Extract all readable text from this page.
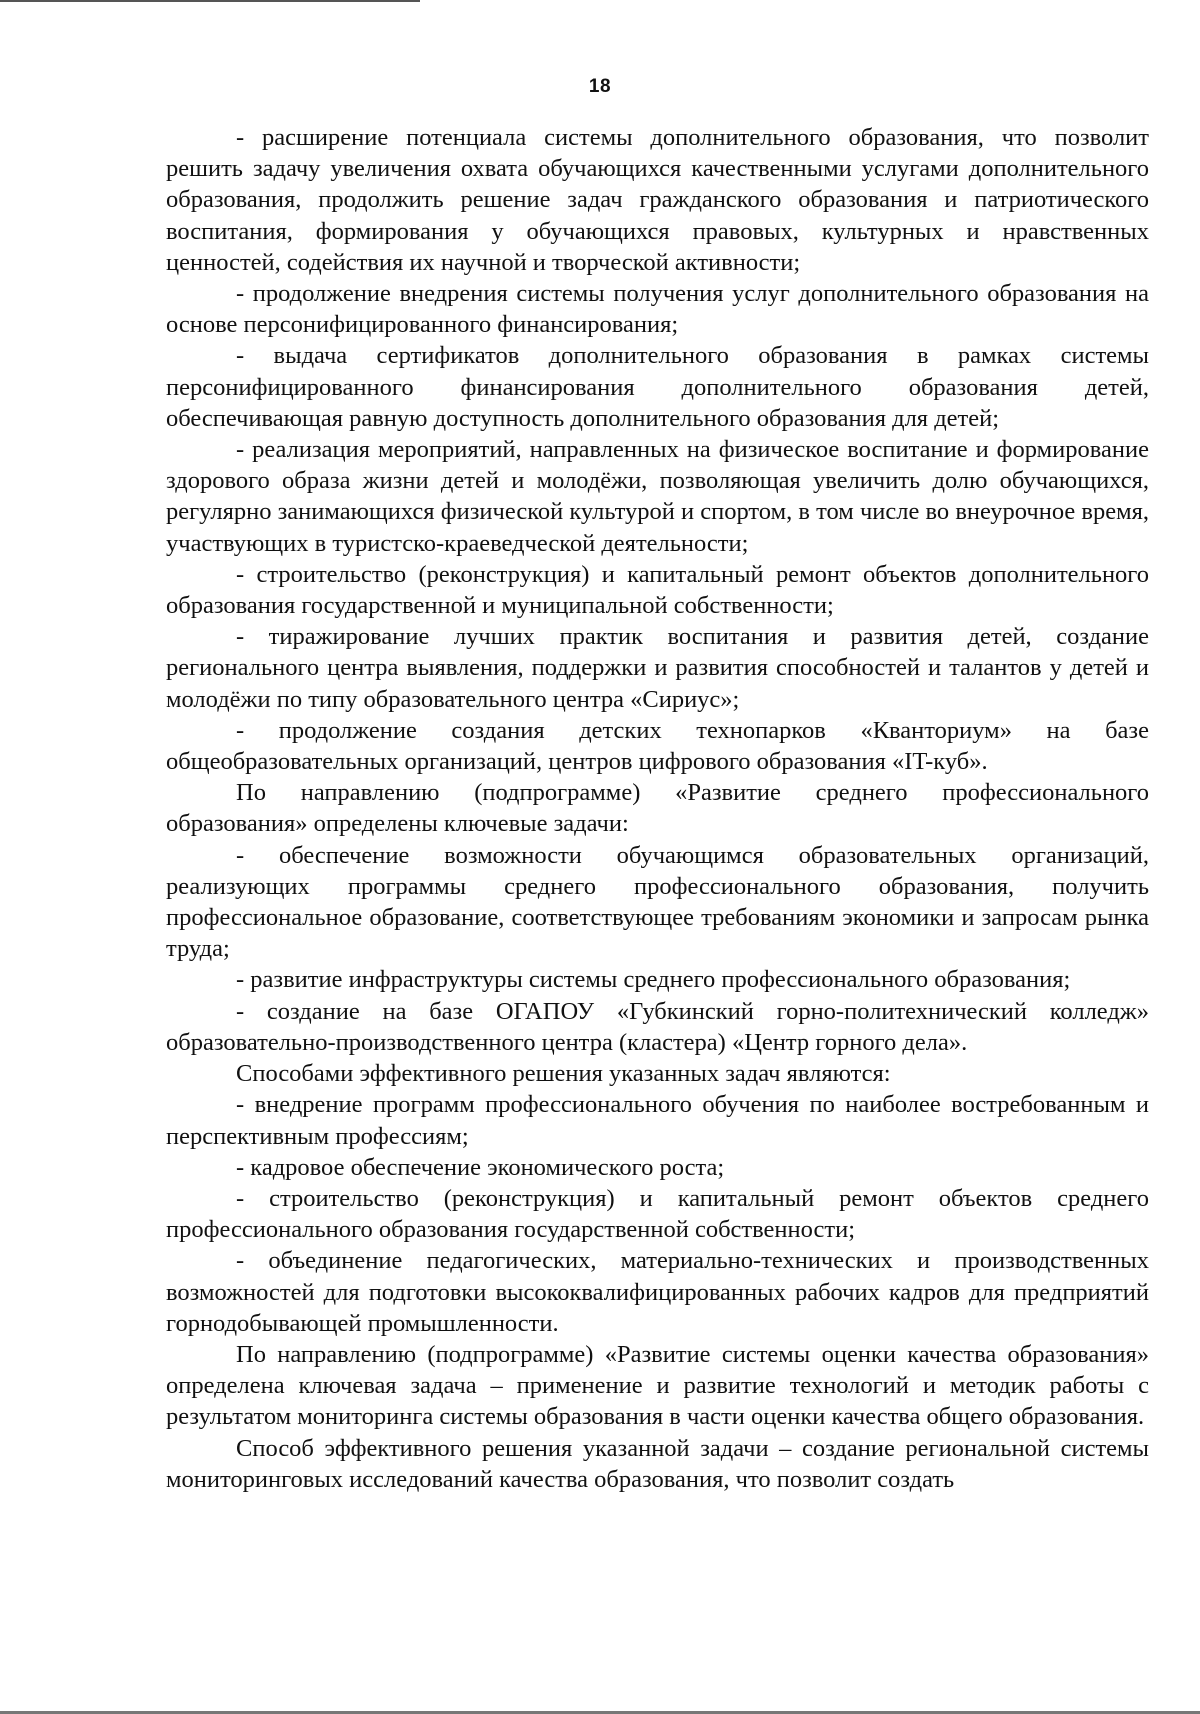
18

- расширение потенциала системы дополнительного образования, что позволит решить задачу увеличения охвата обучающихся качественными услугами дополнительного образования, продолжить решение задач гражданского образования и патриотического воспитания, формирования у обучающихся правовых, культурных и нравственных ценностей, содействия их научной и творческой активности;

- продолжение внедрения системы получения услуг дополнительного образования на основе персонифицированного финансирования;

- выдача сертификатов дополнительного образования в рамках системы персонифицированного финансирования дополнительного образования детей, обеспечивающая равную доступность дополнительного образования для детей;

- реализация мероприятий, направленных на физическое воспитание и формирование здорового образа жизни детей и молодёжи, позволяющая увеличить долю обучающихся, регулярно занимающихся физической культурой и спортом, в том числе во внеурочное время, участвующих в туристско-краеведческой деятельности;

- строительство (реконструкция) и капитальный ремонт объектов дополнительного образования государственной и муниципальной собственности;

- тиражирование лучших практик воспитания и развития детей, создание регионального центра выявления, поддержки и развития способностей и талантов у детей и молодёжи по типу образовательного центра «Сириус»;

- продолжение создания детских технопарков «Кванториум» на базе общеобразовательных организаций, центров цифрового образования «IT-куб».

По направлению (подпрограмме) «Развитие среднего профессионального образования» определены ключевые задачи:

- обеспечение возможности обучающимся образовательных организаций, реализующих программы среднего профессионального образования, получить профессиональное образование, соответствующее требованиям экономики и запросам рынка труда;

- развитие инфраструктуры системы среднего профессионального образования;

- создание на базе ОГАПОУ «Губкинский горно-политехнический колледж» образовательно-производственного центра (кластера) «Центр горного дела».

Способами эффективного решения указанных задач являются:

- внедрение программ профессионального обучения по наиболее востребованным и перспективным профессиям;

- кадровое обеспечение экономического роста;

- строительство (реконструкция) и капитальный ремонт объектов среднего профессионального образования государственной собственности;

- объединение педагогических, материально-технических и производственных возможностей для подготовки высококвалифицированных рабочих кадров для предприятий горнодобывающей промышленности.

По направлению (подпрограмме) «Развитие системы оценки качества образования» определена ключевая задача – применение и развитие технологий и методик работы с результатом мониторинга системы образования в части оценки качества общего образования.

Способ эффективного решения указанной задачи – создание региональной системы мониторинговых исследований качества образования, что позволит создать
